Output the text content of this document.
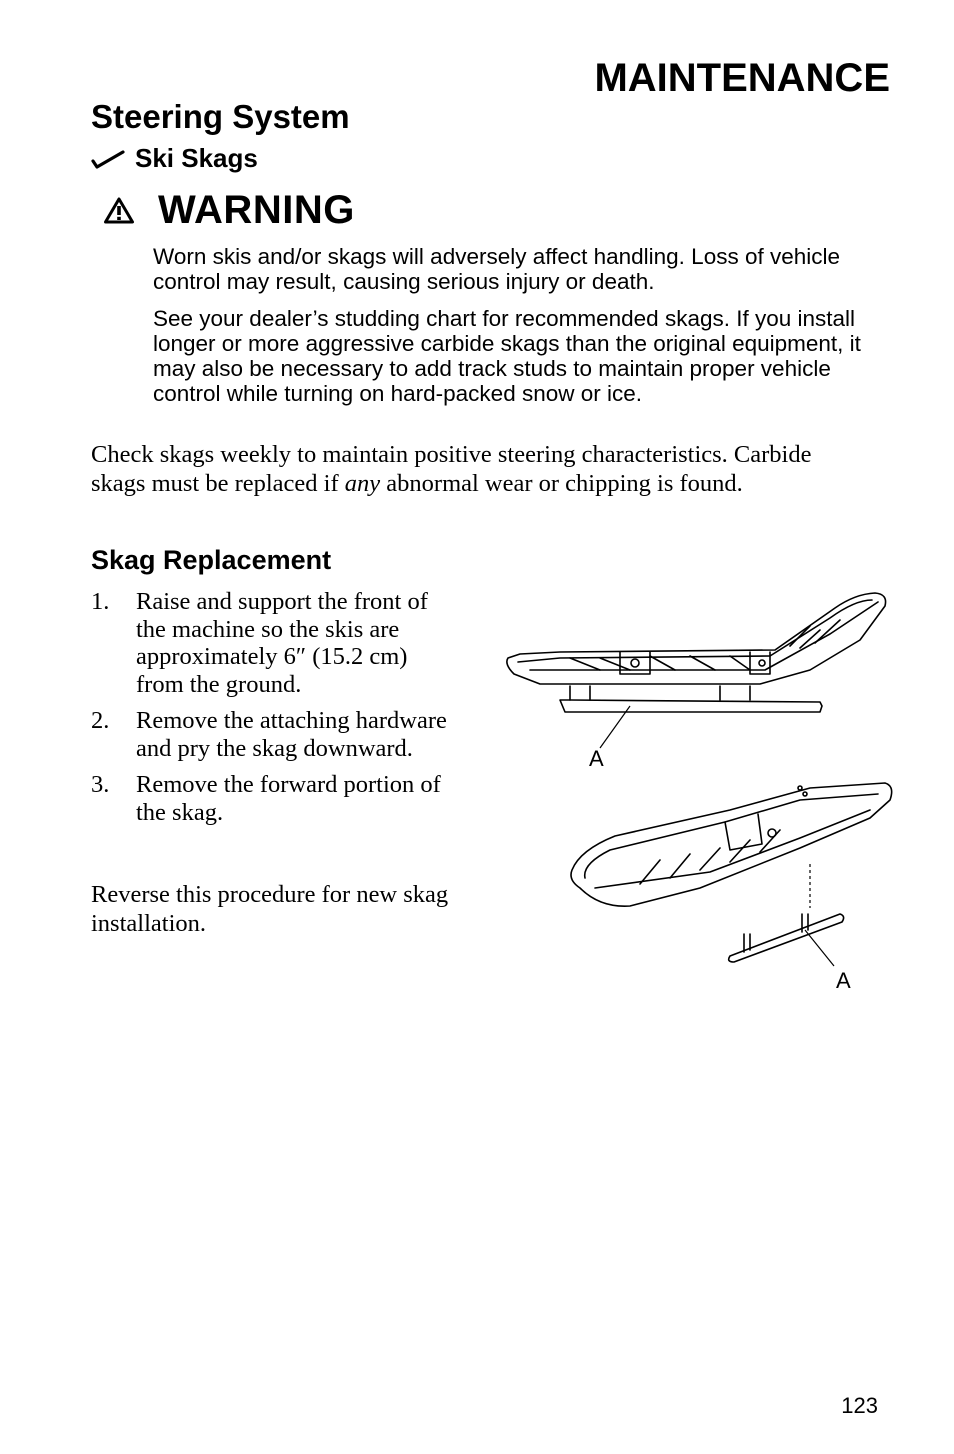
MAINTENANCE
Steering System
Ski Skags
WARNING

Worn skis and/or skags will adversely affect handling. Loss of vehicle control may result, causing serious injury or death.

See your dealer’s studding chart for recommended skags. If you install longer or more aggressive carbide skags than the original equipment, it may also be necessary to add track studs to maintain proper vehicle control while turning on hard-packed snow or ice.

Check skags weekly to maintain positive steering characteristics. Carbide skags must be replaced if any abnormal wear or chipping is found.

Skag Replacement
1.	Raise and support the front of the machine so the skis are approximately 6″ (15.2 cm) from the ground.
2.	Remove the attaching hardware and pry the skag downward.
3.	Remove the forward portion of the skag.

Reverse this procedure for new skag installation.

A
A
123
